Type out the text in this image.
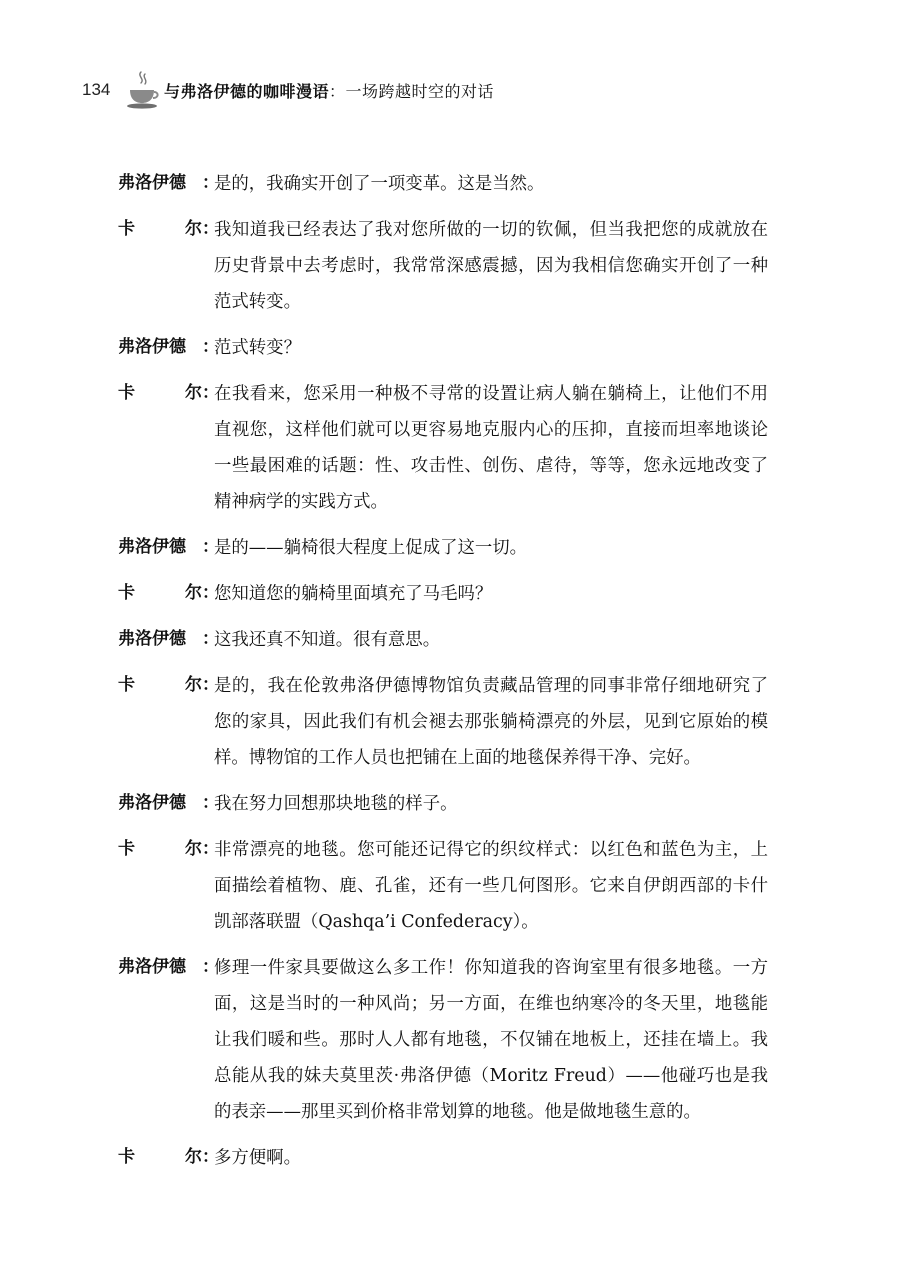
134	与弗洛伊德的咖啡漫语：一场跨越时空的对话
弗洛伊德 ：

是的，我确实开创了一项变革。这是当然。

卡	尔 ：

我知道我已经表达了我对您所做的一切的钦佩，但当我把您的成就放在历史背景中去考虑时，我常常深感震撼，因为我相信您确实开创了一种范式转变。

弗洛伊德 ：

范式转变？

卡	尔 ：

在我看来，您采用一种极不寻常的设置让病人躺在躺椅上，让他们不用直视您，这样他们就可以更容易地克服内心的压抑，直接而坦率地谈论一些最困难的话题：性、攻击性、创伤、虐待，等等，您永远地改变了精神病学的实践方式。

弗洛伊德 ：

是的——躺椅很大程度上促成了这一切。

卡	尔 ：

您知道您的躺椅里面填充了马毛吗？

弗洛伊德 ：

这我还真不知道。很有意思。

卡	尔 ：

是的，我在伦敦弗洛伊德博物馆负责藏品管理的同事非常仔细地研究了您的家具，因此我们有机会褪去那张躺椅漂亮的外层，见到它原始的模样。博物馆的工作人员也把铺在上面的地毯保养得干净、完好。

弗洛伊德 ：

我在努力回想那块地毯的样子。

卡	尔 ：

非常漂亮的地毯。您可能还记得它的织纹样式：以红色和蓝色为主，上面描绘着植物、鹿、孔雀，还有一些几何图形。它来自伊朗西部的卡什凯部落联盟（Qashqa’i Confederacy）。

弗洛伊德 ：

修理一件家具要做这么多工作！你知道我的咨询室里有很多地毯。一方面，这是当时的一种风尚；另一方面，在维也纳寒冷的冬天里，地毯能让我们暖和些。那时人人都有地毯，不仅铺在地板上，还挂在墙上。我总能从我的妹夫莫里茨·弗洛伊德（Moritz Freud）——他碰巧也是我的表亲——那里买到价格非常划算的地毯。他是做地毯生意的。

卡	尔 ：

多方便啊。
